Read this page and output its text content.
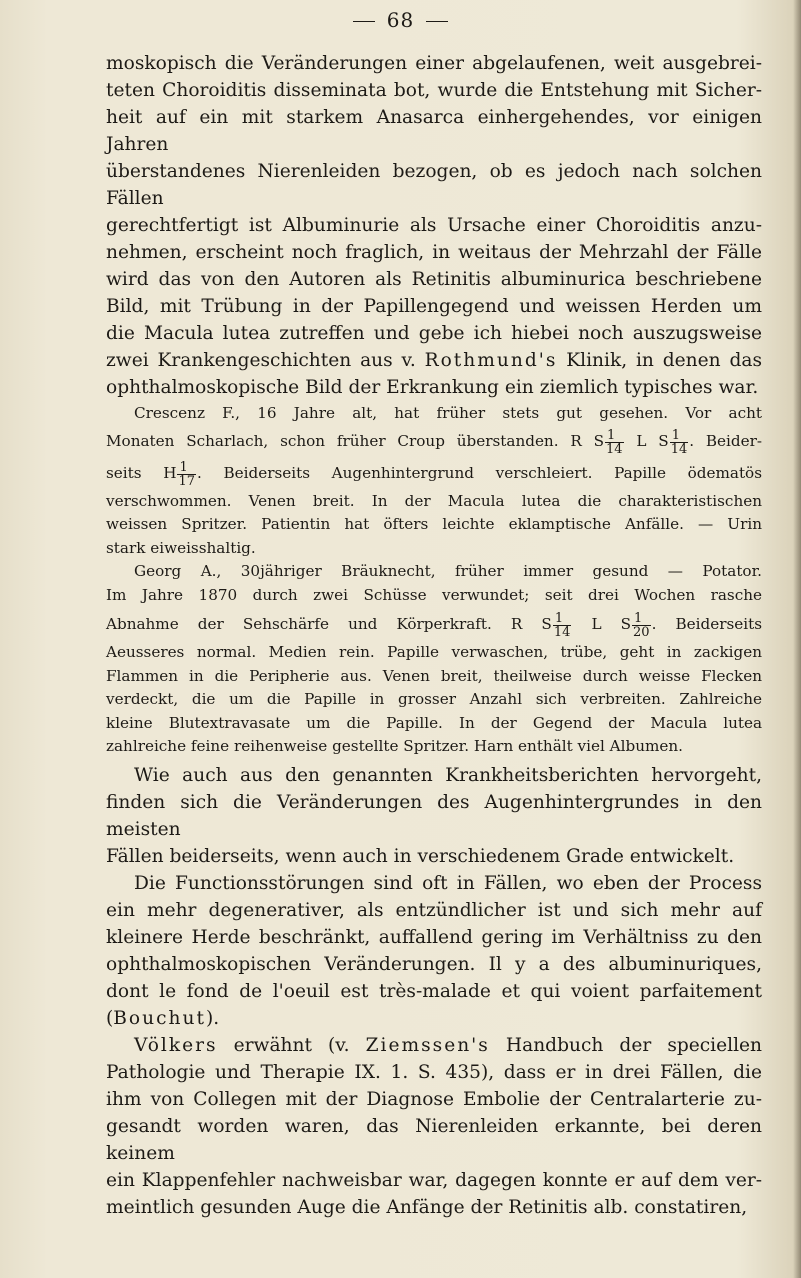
68

moskopisch die Veränderungen einer abgelaufenen, weit ausgebrei-
teten Choroiditis disseminata bot, wurde die Entstehung mit Sicher-
heit auf ein mit starkem Anasarca einhergehendes, vor einigen Jahren
überstandenes Nierenleiden bezogen, ob es jedoch nach solchen Fällen
gerechtfertigt ist Albuminurie als Ursache einer Choroiditis anzu-
nehmen, erscheint noch fraglich, in weitaus der Mehrzahl der Fälle
wird das von den Autoren als Retinitis albuminurica beschriebene
Bild, mit Trübung in der Papillengegend und weissen Herden um
die Macula lutea zutreffen und gebe ich hiebei noch auszugsweise
zwei Krankengeschichten aus v. Rothmund's Klinik, in denen das
ophthalmoskopische Bild der Erkrankung ein ziemlich typisches war.

Crescenz F., 16 Jahre alt, hat früher stets gut gesehen. Vor acht
Monaten Scharlach, schon früher Croup überstanden. R S $\frac{1}{14}$ L S $\frac{1}{14}$ . Beider-
seits H $\frac{1}{17}$ . Beiderseits Augenhintergrund verschleiert. Papille ödematös
verschwommen. Venen breit. In der Macula lutea die charakteristischen
weissen Spritzer. Patientin hat öfters leichte eklamptische Anfälle. — Urin
stark eiweisshaltig.

Georg A., 30jähriger Bräuknecht, früher immer gesund — Potator.
Im Jahre 1870 durch zwei Schüsse verwundet; seit drei Wochen rasche
Abnahme der Sehschärfe und Körperkraft. R S $\frac{1}{14}$ L S $\frac{1}{20}$ . Beiderseits
Aeusseres normal. Medien rein. Papille verwaschen, trübe, geht in zackigen
Flammen in die Peripherie aus. Venen breit, theilweise durch weisse Flecken
verdeckt, die um die Papille in grosser Anzahl sich verbreiten. Zahlreiche
kleine Blutextravasate um die Papille. In der Gegend der Macula lutea
zahlreiche feine reihenweise gestellte Spritzer. Harn enthält viel Albumen.

Wie auch aus den genannten Krankheitsberichten hervorgeht,
finden sich die Veränderungen des Augenhintergrundes in den meisten
Fällen beiderseits, wenn auch in verschiedenem Grade entwickelt.

Die Functionsstörungen sind oft in Fällen, wo eben der Process
ein mehr degenerativer, als entzündlicher ist und sich mehr auf
kleinere Herde beschränkt, auffallend gering im Verhältniss zu den
ophthalmoskopischen Veränderungen. Il y a des albuminuriques,
dont le fond de l'oeuil est très-malade et qui voient parfaitement
(Bouchut).

Völkers erwähnt (v. Ziemssen's Handbuch der speciellen
Pathologie und Therapie IX. 1. S. 435), dass er in drei Fällen, die
ihm von Collegen mit der Diagnose Embolie der Centralarterie zu-
gesandt worden waren, das Nierenleiden erkannte, bei deren keinem
ein Klappenfehler nachweisbar war, dagegen konnte er auf dem ver-
meintlich gesunden Auge die Anfänge der Retinitis alb. constatiren,
